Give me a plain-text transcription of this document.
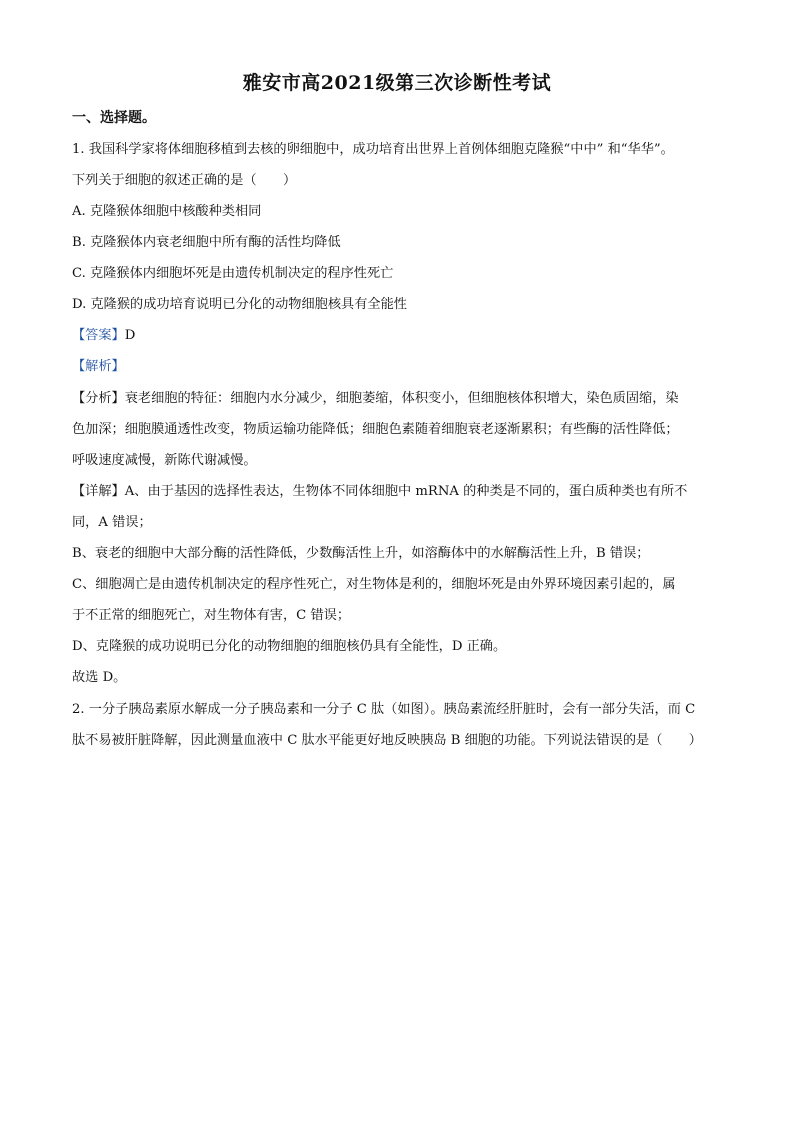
雅安市高2021级第三次诊断性考试
一、选择题。
1. 我国科学家将体细胞移植到去核的卵细胞中，成功培育出世界上首例体细胞克隆猴“中中” 和“华华”。
下列关于细胞的叙述正确的是（　　）
A. 克隆猴体细胞中核酸种类相同
B. 克隆猴体内衰老细胞中所有酶的活性均降低
C. 克隆猴体内细胞坏死是由遗传机制决定的程序性死亡
D. 克隆猴的成功培育说明已分化的动物细胞核具有全能性
【答案】D
【解析】
【分析】衰老细胞的特征：细胞内水分减少，细胞萎缩，体积变小，但细胞核体积增大，染色质固缩，染
色加深；细胞膜通透性改变，物质运输功能降低；细胞色素随着细胞衰老逐渐累积；有些酶的活性降低；
呼吸速度减慢，新陈代谢减慢。
【详解】A、由于基因的选择性表达，生物体不同体细胞中 mRNA 的种类是不同的，蛋白质种类也有所不
同，A 错误；
B、衰老的细胞中大部分酶的活性降低，少数酶活性上升，如溶酶体中的水解酶活性上升，B 错误；
C、细胞凋亡是由遗传机制决定的程序性死亡，对生物体是利的，细胞坏死是由外界环境因素引起的，属
于不正常的细胞死亡，对生物体有害，C 错误；
D、克隆猴的成功说明已分化的动物细胞的细胞核仍具有全能性，D 正确。
故选 D。
2. 一分子胰岛素原水解成一分子胰岛素和一分子 C 肽（如图）。胰岛素流经肝脏时，会有一部分失活，而 C
肽不易被肝脏降解，因此测量血液中 C 肽水平能更好地反映胰岛 B 细胞的功能。下列说法错误的是（　　）
